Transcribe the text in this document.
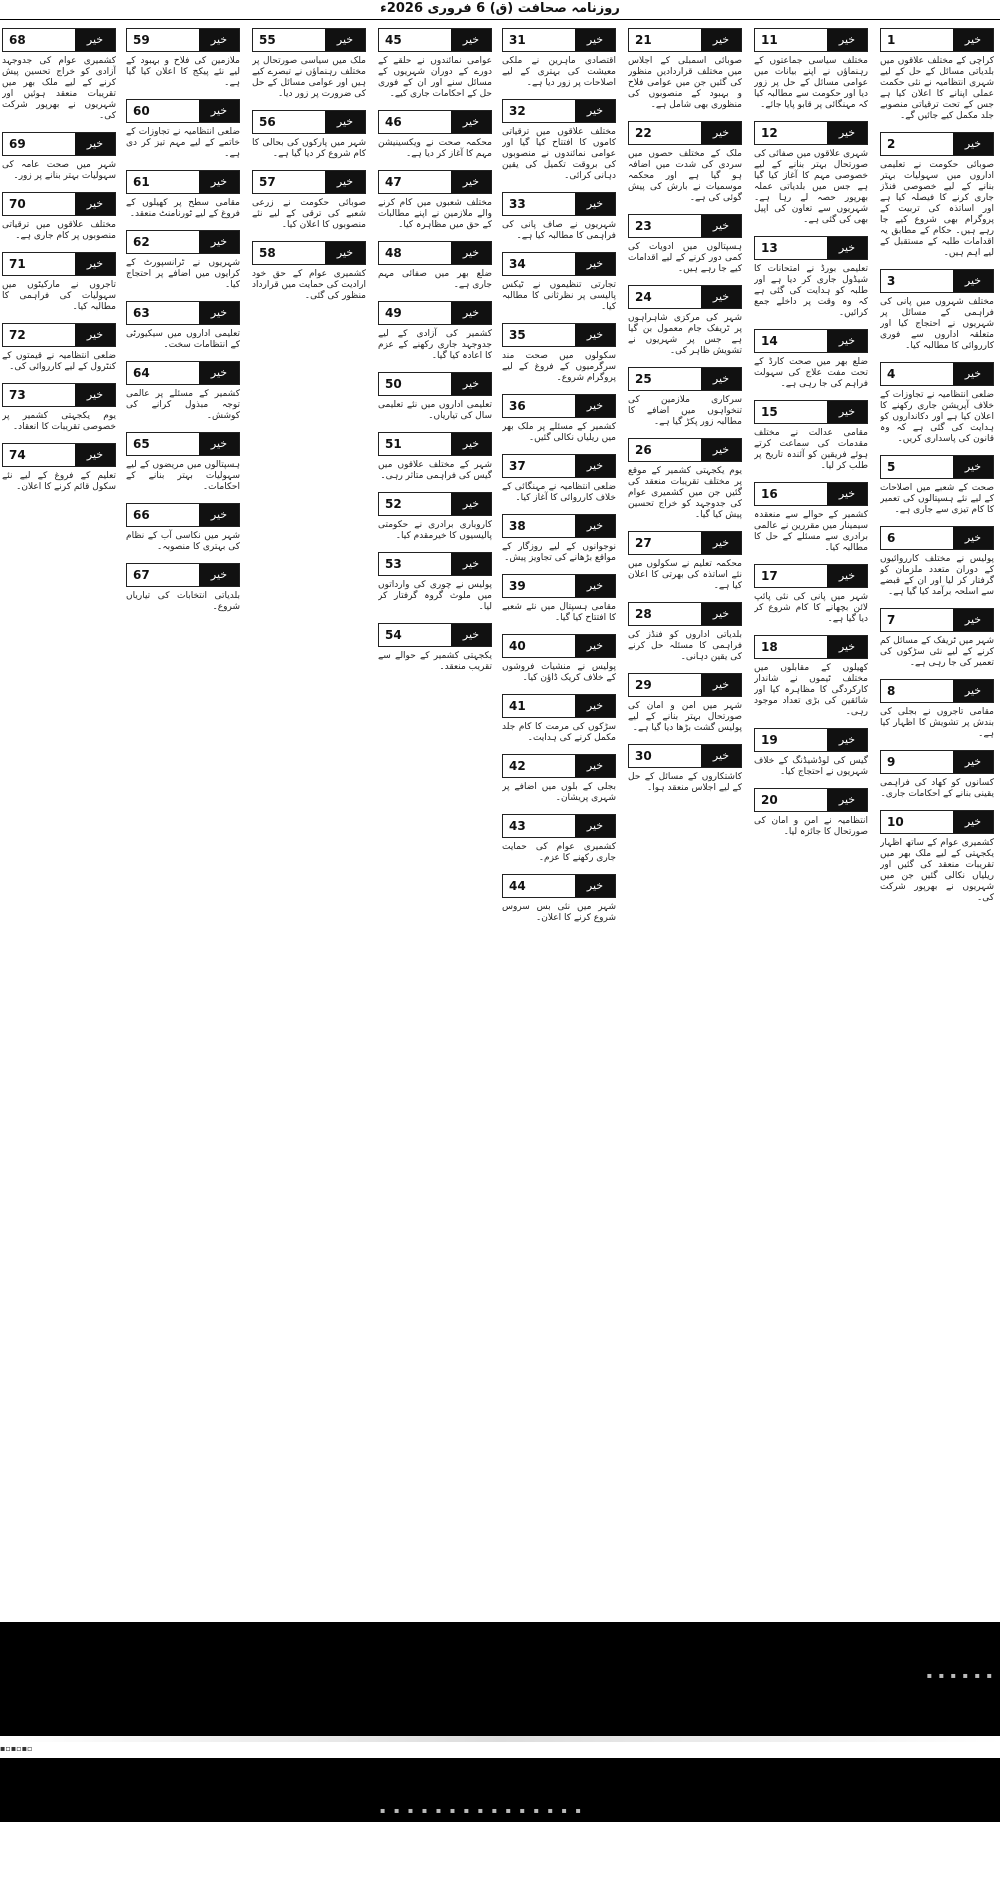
روزنامہ صحافت (ق) 6 فروری 2026ء
1	خیر
کراچی کے مختلف علاقوں میں بلدیاتی مسائل کے حل کے لیے شہری انتظامیہ نے نئی حکمت عملی اپنانے کا اعلان کیا ہے جس کے تحت ترقیاتی منصوبے جلد مکمل کیے جائیں گے۔
2	خیر
صوبائی حکومت نے تعلیمی اداروں میں سہولیات بہتر بنانے کے لیے خصوصی فنڈز جاری کرنے کا فیصلہ کیا ہے اور اساتذہ کی تربیت کے پروگرام بھی شروع کیے جا رہے ہیں۔ حکام کے مطابق یہ اقدامات طلبہ کے مستقبل کے لیے اہم ہیں۔
3	خیر
مختلف شہروں میں پانی کی فراہمی کے مسائل پر شہریوں نے احتجاج کیا اور متعلقہ اداروں سے فوری کارروائی کا مطالبہ کیا۔
4	خیر
ضلعی انتظامیہ نے تجاوزات کے خلاف آپریشن جاری رکھنے کا اعلان کیا ہے اور دکانداروں کو ہدایت کی گئی ہے کہ وہ قانون کی پاسداری کریں۔
5	خیر
صحت کے شعبے میں اصلاحات کے لیے نئے ہسپتالوں کی تعمیر کا کام تیزی سے جاری ہے۔
6	خیر
پولیس نے مختلف کارروائیوں کے دوران متعدد ملزمان کو گرفتار کر لیا اور ان کے قبضے سے اسلحہ برآمد کیا گیا ہے۔
7	خیر
شہر میں ٹریفک کے مسائل کم کرنے کے لیے نئی سڑکوں کی تعمیر کی جا رہی ہے۔
8	خیر
مقامی تاجروں نے بجلی کی بندش پر تشویش کا اظہار کیا ہے۔
9	خیر
کسانوں کو کھاد کی فراہمی یقینی بنانے کے احکامات جاری۔
10	خیر
کشمیری عوام کے ساتھ اظہار یکجہتی کے لیے ملک بھر میں تقریبات منعقد کی گئیں اور ریلیاں نکالی گئیں جن میں شہریوں نے بھرپور شرکت کی۔
11	خیر
مختلف سیاسی جماعتوں کے رہنماؤں نے اپنے بیانات میں عوامی مسائل کے حل پر زور دیا اور حکومت سے مطالبہ کیا کہ مہنگائی پر قابو پایا جائے۔
12	خیر
شہری علاقوں میں صفائی کی صورتحال بہتر بنانے کے لیے خصوصی مہم کا آغاز کیا گیا ہے جس میں بلدیاتی عملہ بھرپور حصہ لے رہا ہے۔ شہریوں سے تعاون کی اپیل بھی کی گئی ہے۔
13	خیر
تعلیمی بورڈ نے امتحانات کا شیڈول جاری کر دیا ہے اور طلبہ کو ہدایت کی گئی ہے کہ وہ وقت پر داخلے جمع کرائیں۔
14	خیر
ضلع بھر میں صحت کارڈ کے تحت مفت علاج کی سہولت فراہم کی جا رہی ہے۔
15	خیر
مقامی عدالت نے مختلف مقدمات کی سماعت کرتے ہوئے فریقین کو آئندہ تاریخ پر طلب کر لیا۔
16	خیر
کشمیر کے حوالے سے منعقدہ سیمینار میں مقررین نے عالمی برادری سے مسئلے کے حل کا مطالبہ کیا۔
17	خیر
شہر میں پانی کی نئی پائپ لائن بچھانے کا کام شروع کر دیا گیا ہے۔
18	خیر
کھیلوں کے مقابلوں میں مختلف ٹیموں نے شاندار کارکردگی کا مظاہرہ کیا اور شائقین کی بڑی تعداد موجود رہی۔
19	خیر
گیس کی لوڈشیڈنگ کے خلاف شہریوں نے احتجاج کیا۔
20	خیر
انتظامیہ نے امن و امان کی صورتحال کا جائزہ لیا۔
21	خیر
صوبائی اسمبلی کے اجلاس میں مختلف قراردادیں منظور کی گئیں جن میں عوامی فلاح و بہبود کے منصوبوں کی منظوری بھی شامل ہے۔
22	خیر
ملک کے مختلف حصوں میں سردی کی شدت میں اضافہ ہو گیا ہے اور محکمہ موسمیات نے بارش کی پیش گوئی کی ہے۔
23	خیر
ہسپتالوں میں ادویات کی کمی دور کرنے کے لیے اقدامات کیے جا رہے ہیں۔
24	خیر
شہر کی مرکزی شاہراہوں پر ٹریفک جام معمول بن گیا ہے جس پر شہریوں نے تشویش ظاہر کی۔
25	خیر
سرکاری ملازمین کی تنخواہوں میں اضافے کا مطالبہ زور پکڑ گیا ہے۔
26	خیر
یوم یکجہتی کشمیر کے موقع پر مختلف تقریبات منعقد کی گئیں جن میں کشمیری عوام کی جدوجہد کو خراج تحسین پیش کیا گیا۔
27	خیر
محکمہ تعلیم نے سکولوں میں نئے اساتذہ کی بھرتی کا اعلان کیا ہے۔
28	خیر
بلدیاتی اداروں کو فنڈز کی فراہمی کا مسئلہ حل کرنے کی یقین دہانی۔
29	خیر
شہر میں امن و امان کی صورتحال بہتر بنانے کے لیے پولیس گشت بڑھا دیا گیا ہے۔
30	خیر
کاشتکاروں کے مسائل کے حل کے لیے اجلاس منعقد ہوا۔
31	خیر
اقتصادی ماہرین نے ملکی معیشت کی بہتری کے لیے اصلاحات پر زور دیا ہے۔
32	خیر
مختلف علاقوں میں ترقیاتی کاموں کا افتتاح کیا گیا اور عوامی نمائندوں نے منصوبوں کی بروقت تکمیل کی یقین دہانی کرائی۔
33	خیر
شہریوں نے صاف پانی کی فراہمی کا مطالبہ کیا ہے۔
34	خیر
تجارتی تنظیموں نے ٹیکس پالیسی پر نظرثانی کا مطالبہ کیا۔
35	خیر
سکولوں میں صحت مند سرگرمیوں کے فروغ کے لیے پروگرام شروع۔
36	خیر
کشمیر کے مسئلے پر ملک بھر میں ریلیاں نکالی گئیں۔
37	خیر
ضلعی انتظامیہ نے مہنگائی کے خلاف کارروائی کا آغاز کیا۔
38	خیر
نوجوانوں کے لیے روزگار کے مواقع بڑھانے کی تجاویز پیش۔
39	خیر
مقامی ہسپتال میں نئے شعبے کا افتتاح کیا گیا۔
40	خیر
پولیس نے منشیات فروشوں کے خلاف کریک ڈاؤن کیا۔
41	خیر
سڑکوں کی مرمت کا کام جلد مکمل کرنے کی ہدایت۔
42	خیر
بجلی کے بلوں میں اضافے پر شہری پریشان۔
43	خیر
کشمیری عوام کی حمایت جاری رکھنے کا عزم۔
44	خیر
شہر میں نئی بس سروس شروع کرنے کا اعلان۔
45	خیر
عوامی نمائندوں نے حلقے کے دورے کے دوران شہریوں کے مسائل سنے اور ان کے فوری حل کے احکامات جاری کیے۔
46	خیر
محکمہ صحت نے ویکسینیشن مہم کا آغاز کر دیا ہے۔
47	خیر
مختلف شعبوں میں کام کرنے والے ملازمین نے اپنے مطالبات کے حق میں مظاہرہ کیا۔
48	خیر
ضلع بھر میں صفائی مہم جاری ہے۔
49	خیر
کشمیر کی آزادی کے لیے جدوجہد جاری رکھنے کے عزم کا اعادہ کیا گیا۔
50	خیر
تعلیمی اداروں میں نئے تعلیمی سال کی تیاریاں۔
51	خیر
شہر کے مختلف علاقوں میں گیس کی فراہمی متاثر رہی۔
52	خیر
کاروباری برادری نے حکومتی پالیسیوں کا خیرمقدم کیا۔
53	خیر
پولیس نے چوری کی وارداتوں میں ملوث گروہ گرفتار کر لیا۔
54	خیر
یکجہتی کشمیر کے حوالے سے تقریب منعقد۔
55	خیر
ملک میں سیاسی صورتحال پر مختلف رہنماؤں نے تبصرے کیے ہیں اور عوامی مسائل کے حل کی ضرورت پر زور دیا۔
56	خیر
شہر میں پارکوں کی بحالی کا کام شروع کر دیا گیا ہے۔
57	خیر
صوبائی حکومت نے زرعی شعبے کی ترقی کے لیے نئے منصوبوں کا اعلان کیا۔
58	خیر
کشمیری عوام کے حق خود ارادیت کی حمایت میں قرارداد منظور کی گئی۔
59	خیر
ملازمین کی فلاح و بہبود کے لیے نئے پیکج کا اعلان کیا گیا ہے۔
60	خیر
ضلعی انتظامیہ نے تجاوزات کے خاتمے کے لیے مہم تیز کر دی ہے۔
61	خیر
مقامی سطح پر کھیلوں کے فروغ کے لیے ٹورنامنٹ منعقد۔
62	خیر
شہریوں نے ٹرانسپورٹ کے کرایوں میں اضافے پر احتجاج کیا۔
63	خیر
تعلیمی اداروں میں سیکیورٹی کے انتظامات سخت۔
64	خیر
کشمیر کے مسئلے پر عالمی توجہ مبذول کرانے کی کوشش۔
65	خیر
ہسپتالوں میں مریضوں کے لیے سہولیات بہتر بنانے کے احکامات۔
66	خیر
شہر میں نکاسی آب کے نظام کی بہتری کا منصوبہ۔
67	خیر
بلدیاتی انتخابات کی تیاریاں شروع۔
68	خیر
کشمیری عوام کی جدوجہد آزادی کو خراج تحسین پیش کرنے کے لیے ملک بھر میں تقریبات منعقد ہوئیں اور شہریوں نے بھرپور شرکت کی۔
69	خیر
شہر میں صحت عامہ کی سہولیات بہتر بنانے پر زور۔
70	خیر
مختلف علاقوں میں ترقیاتی منصوبوں پر کام جاری ہے۔
71	خیر
تاجروں نے مارکیٹوں میں سہولیات کی فراہمی کا مطالبہ کیا۔
72	خیر
ضلعی انتظامیہ نے قیمتوں کے کنٹرول کے لیے کارروائی کی۔
73	خیر
یوم یکجہتی کشمیر پر خصوصی تقریبات کا انعقاد۔
74	خیر
تعلیم کے فروغ کے لیے نئے سکول قائم کرنے کا اعلان۔
▪ ▪ ▪ ▪ ▪ ▪
▪▫▪▫▪▫
▪ ▪ ▪ ▪ ▪ ▪ ▪ ▪ ▪ ▪ ▪ ▪ ▪ ▪ ▪
